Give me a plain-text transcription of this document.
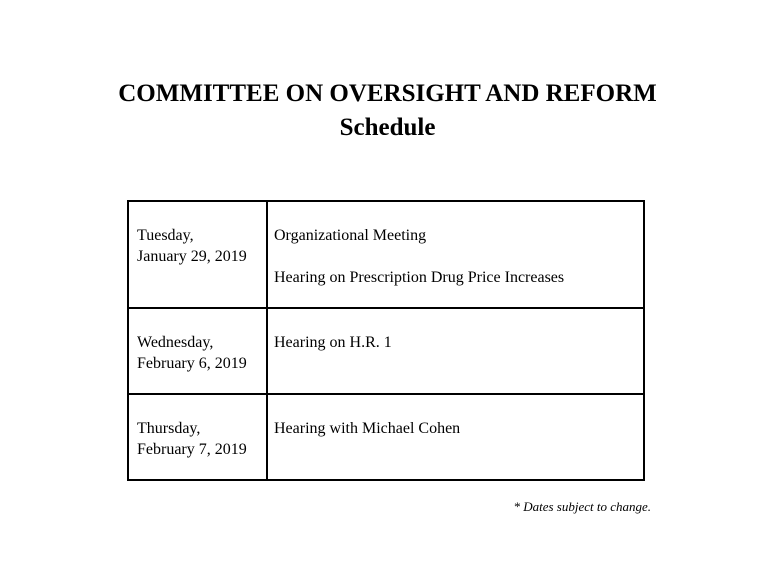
COMMITTEE ON OVERSIGHT AND REFORM
Schedule
Tuesday,
January 29, 2019	Organizational Meeting
Hearing on Prescription Drug Price Increases

Wednesday,
February 6, 2019	Hearing on H.R. 1

Thursday,
February 7, 2019	Hearing with Michael Cohen
* Dates subject to change.
